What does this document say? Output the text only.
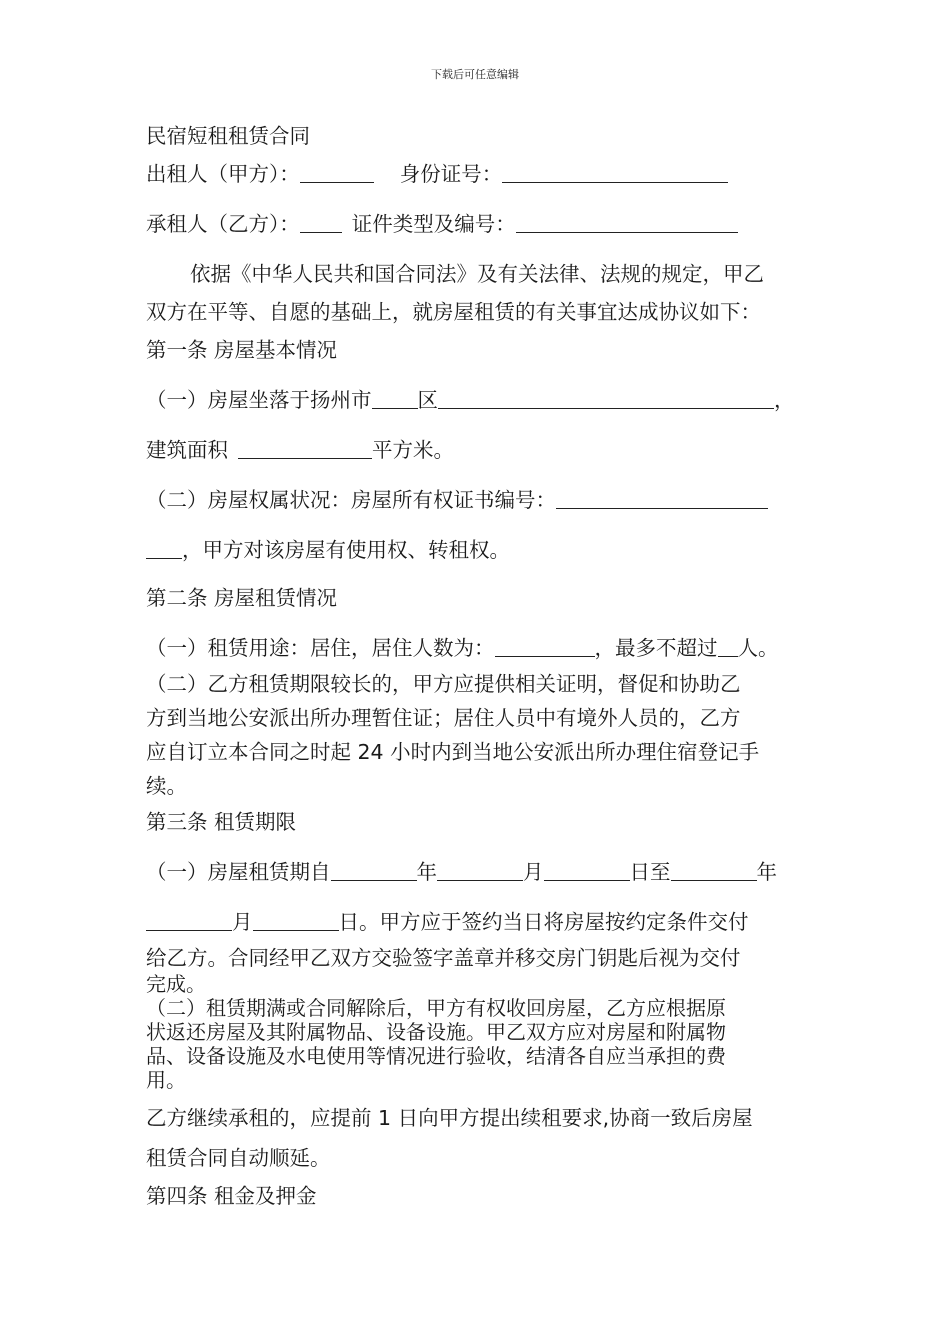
下载后可任意编辑
民宿短租租赁合同
出租人（甲方）：	身份证号：
承租人（乙方）：	证件类型及编号：
依据《中华人民共和国合同法》及有关法律、法规的规定，甲乙
双方在平等、自愿的基础上，就房屋租赁的有关事宜达成协议如下：
第一条 房屋基本情况
（一）房屋坐落于扬州市 区	，
建筑面积	平方米。
（二）房屋权属状况：房屋所有权证书编号：
，甲方对该房屋有使用权、转租权。
第二条 房屋租赁情况
（一）租赁用途：居住，居住人数为：	，最多不超过 人。
（二）乙方租赁期限较长的，甲方应提供相关证明，督促和协助乙
方到当地公安派出所办理暂住证；居住人员中有境外人员的，乙方
应自订立本合同之时起 24 小时内到当地公安派出所办理住宿登记手
续。
第三条 租赁期限
（一）房屋租赁期自	年	月	日至	年
月	日。甲方应于签约当日将房屋按约定条件交付
给乙方。合同经甲乙双方交验签字盖章并移交房门钥匙后视为交付
完成。
（二）租赁期满或合同解除后，甲方有权收回房屋，乙方应根据原
状返还房屋及其附属物品、设备设施。甲乙双方应对房屋和附属物
品、设备设施及水电使用等情况进行验收，结清各自应当承担的费
用。
乙方继续承租的，应提前 1 日向甲方提出续租要求,协商一致后房屋
租赁合同自动顺延。
第四条 租金及押金
